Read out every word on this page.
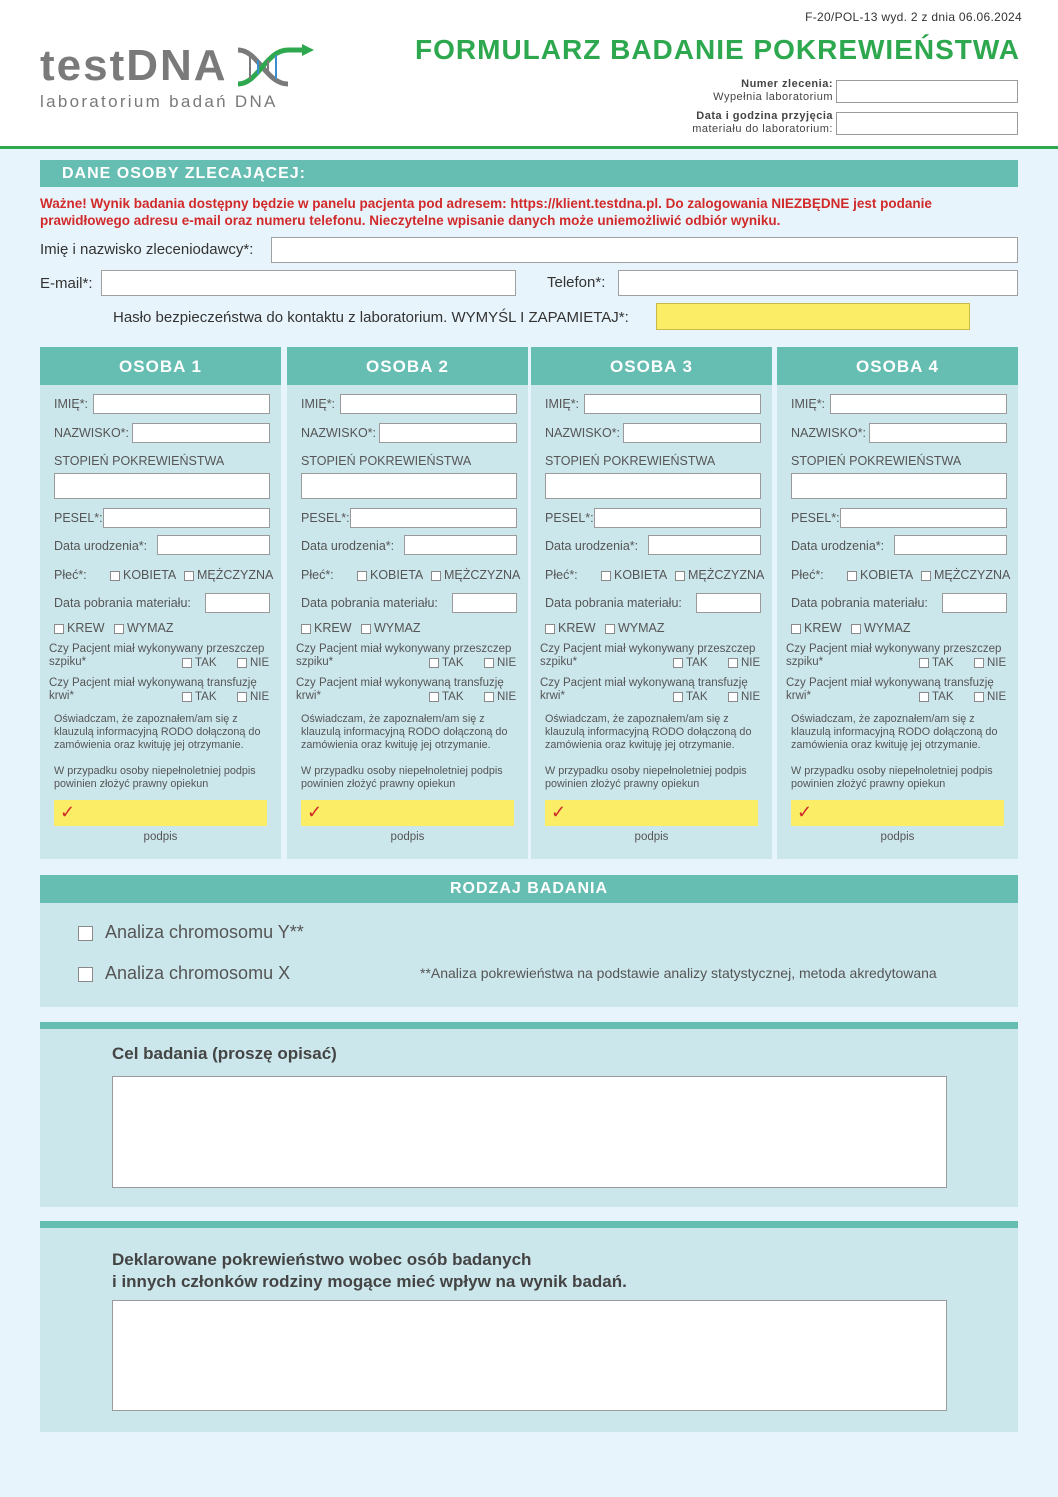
F-20/POL-13 wyd. 2 z dnia 06.06.2024
testDNA
laboratorium badań DNA
FORMULARZ BADANIE POKREWIEŃSTWA
Numer zlecenia:
Wypełnia laboratorium
Data i godzina przyjęcia
materiału do laboratorium:
DANE OSOBY ZLECAJĄCEJ:
Ważne! Wynik badania dostępny będzie w panelu pacjenta pod adresem: https://klient.testdna.pl. Do zalogowania NIEZBĘDNE jest podanie prawidłowego adresu e-mail oraz numeru telefonu. Nieczytelne wpisanie danych może uniemożliwić odbiór wyniku.
Imię i nazwisko zleceniodawcy*:
E-mail*:	Telefon*:
Hasło bezpieczeństwa do kontaktu z laboratorium. WYMYŚL I ZAPAMIETAJ*:
OSOBA 1
IMIĘ*:
NAZWISKO*:
STOPIEŃ POKREWIEŃSTWA
PESEL*:
Data urodzenia*:
Płeć*:	KOBIETA	MĘŻCZYZNA
Data pobrania materiału:
KREW	WYMAZ
Czy Pacjent miał wykonywany przeszczep szpiku*	TAK	NIE
Czy Pacjent miał wykonywaną transfuzję krwi*	TAK	NIE
Oświadczam, że zapoznałem/am się z klauzulą informacyjną RODO dołączoną do zamówienia oraz kwituję jej otrzymanie.
W przypadku osoby niepełnoletniej podpis powinien złożyć prawny opiekun
✓
podpis
OSOBA 2
IMIĘ*:
NAZWISKO*:
STOPIEŃ POKREWIEŃSTWA
PESEL*:
Data urodzenia*:
Płeć*:	KOBIETA	MĘŻCZYZNA
Data pobrania materiału:
KREW	WYMAZ
Czy Pacjent miał wykonywany przeszczep szpiku*	TAK	NIE
Czy Pacjent miał wykonywaną transfuzję krwi*	TAK	NIE
Oświadczam, że zapoznałem/am się z klauzulą informacyjną RODO dołączoną do zamówienia oraz kwituję jej otrzymanie.
W przypadku osoby niepełnoletniej podpis powinien złożyć prawny opiekun
✓
podpis
OSOBA 3
IMIĘ*:
NAZWISKO*:
STOPIEŃ POKREWIEŃSTWA
PESEL*:
Data urodzenia*:
Płeć*:	KOBIETA	MĘŻCZYZNA
Data pobrania materiału:
KREW	WYMAZ
Czy Pacjent miał wykonywany przeszczep szpiku*	TAK	NIE
Czy Pacjent miał wykonywaną transfuzję krwi*	TAK	NIE
Oświadczam, że zapoznałem/am się z klauzulą informacyjną RODO dołączoną do zamówienia oraz kwituję jej otrzymanie.
W przypadku osoby niepełnoletniej podpis powinien złożyć prawny opiekun
✓
podpis
OSOBA 4
IMIĘ*:
NAZWISKO*:
STOPIEŃ POKREWIEŃSTWA
PESEL*:
Data urodzenia*:
Płeć*:	KOBIETA	MĘŻCZYZNA
Data pobrania materiału:
KREW	WYMAZ
Czy Pacjent miał wykonywany przeszczep szpiku*	TAK	NIE
Czy Pacjent miał wykonywaną transfuzję krwi*	TAK	NIE
Oświadczam, że zapoznałem/am się z klauzulą informacyjną RODO dołączoną do zamówienia oraz kwituję jej otrzymanie.
W przypadku osoby niepełnoletniej podpis powinien złożyć prawny opiekun
✓
podpis
RODZAJ BADANIA
Analiza chromosomu Y**
Analiza chromosomu X	**Analiza pokrewieństwa na podstawie analizy statystycznej, metoda akredytowana
Cel badania (proszę opisać)
Deklarowane pokrewieństwo wobec osób badanych
i innych członków rodziny mogące mieć wpływ na wynik badań.
